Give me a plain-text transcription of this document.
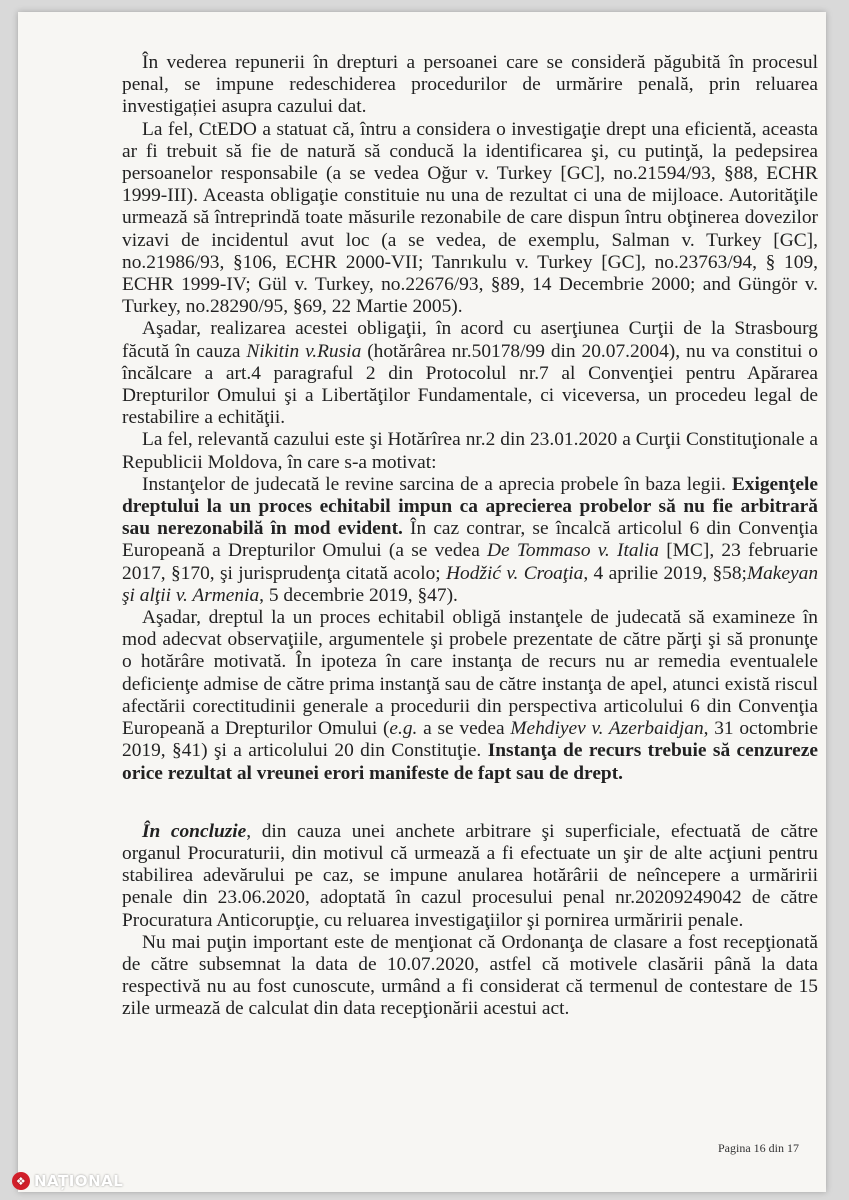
În vederea repunerii în drepturi a persoanei care se consideră păgubită în procesul penal, se impune redeschiderea procedurilor de urmărire penală, prin reluarea investigației asupra cazului dat.

La fel, CtEDO a statuat că, întru a considera o investigaţie drept una eficientă, aceasta ar fi trebuit să fie de natură să conducă la identificarea şi, cu putinţă, la pedepsirea persoanelor responsabile (a se vedea Oğur v. Turkey [GC], no.21594/93, §88, ECHR 1999-III). Aceasta obligaţie constituie nu una de rezultat ci una de mijloace. Autorităţile urmează să întreprindă toate măsurile rezonabile de care dispun întru obţinerea dovezilor vizavi de incidentul avut loc (a se vedea, de exemplu, Salman v. Turkey [GC], no.21986/93, §106, ECHR 2000-VII; Tanrıkulu v. Turkey [GC], no.23763/94, § 109, ECHR 1999-IV; Gül v. Turkey, no.22676/93, §89, 14 Decembrie 2000; and Güngör v. Turkey, no.28290/95, §69, 22 Martie 2005).

Aşadar, realizarea acestei obligaţii, în acord cu aserţiunea Curţii de la Strasbourg făcută în cauza Nikitin v.Rusia (hotărârea nr.50178/99 din 20.07.2004), nu va constitui o încălcare a art.4 paragraful 2 din Protocolul nr.7 al Convenţiei pentru Apărarea Drepturilor Omului şi a Libertăţilor Fundamentale, ci viceversa, un procedeu legal de restabilire a echităţii.

La fel, relevantă cazului este şi Hotărîrea nr.2 din 23.01.2020 a Curţii Constituţionale a Republicii Moldova, în care s-a motivat:

Instanţelor de judecată le revine sarcina de a aprecia probele în baza legii. Exigenţele dreptului la un proces echitabil impun ca aprecierea probelor să nu fie arbitrară sau nerezonabilă în mod evident. În caz contrar, se încalcă articolul 6 din Convenţia Europeană a Drepturilor Omului (a se vedea De Tommaso v. Italia [MC], 23 februarie 2017, §170, şi jurisprudenţa citată acolo; Hodžić v. Croaţia, 4 aprilie 2019, §58;Makeyan şi alţii v. Armenia, 5 decembrie 2019, §47).

Aşadar, dreptul la un proces echitabil obligă instanţele de judecată să examineze în mod adecvat observaţiile, argumentele şi probele prezentate de către părţi şi să pronunţe o hotărâre motivată. În ipoteza în care instanţa de recurs nu ar remedia eventualele deficienţe admise de către prima instanţă sau de către instanţa de apel, atunci există riscul afectării corectitudinii generale a procedurii din perspectiva articolului 6 din Convenţia Europeană a Drepturilor Omului (e.g. a se vedea Mehdiyev v. Azerbaidjan, 31 octombrie 2019, §41) şi a articolului 20 din Constituţie. Instanţa de recurs trebuie să cenzureze orice rezultat al vreunei erori manifeste de fapt sau de drept.

În concluzie, din cauza unei anchete arbitrare şi superficiale, efectuată de către organul Procuraturii, din motivul că urmează a fi efectuate un şir de alte acţiuni pentru stabilirea adevărului pe caz, se impune anularea hotărârii de neîncepere a urmăririi penale din 23.06.2020, adoptată în cazul procesului penal nr.20209249042 de către Procuratura Anticorupţie, cu reluarea investigaţiilor şi pornirea urmăririi penale.

Nu mai puţin important este de menţionat că Ordonanţa de clasare a fost recepţionată de către subsemnat la data de 10.07.2020, astfel că motivele clasării până la data respectivă nu au fost cunoscute, urmând a fi considerat că termenul de contestare de 15 zile urmează de calculat din data recepţionării acestui act.

Pagina 16 din 17
❖ NAȚIONAL
